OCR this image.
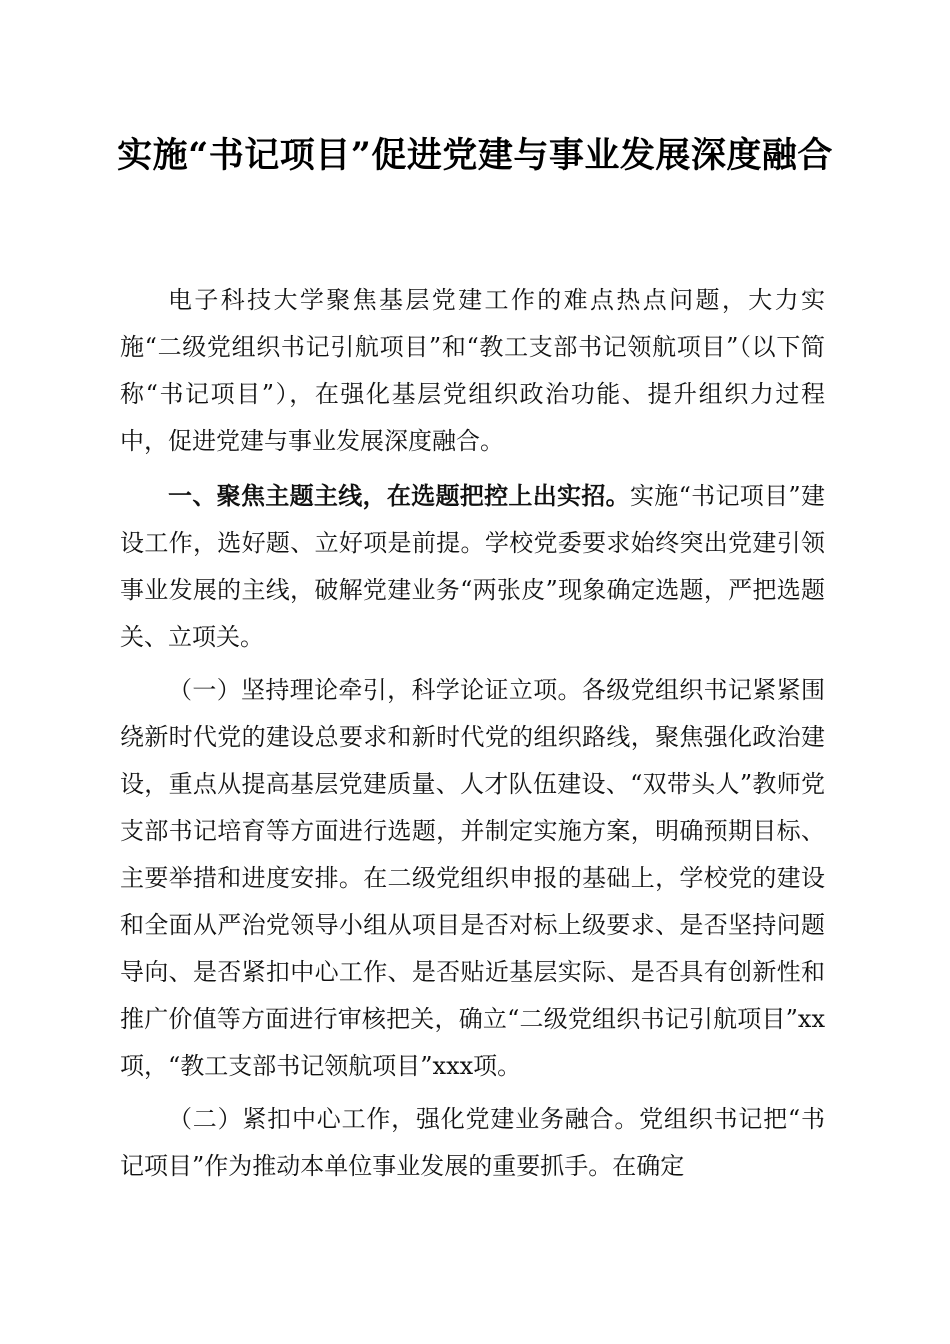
实施“书记项目”促进党建与事业发展深度融合

电子科技大学聚焦基层党建工作的难点热点问题，大力实施“二级党组织书记引航项目”和“教工支部书记领航项目”（以下简称“书记项目”），在强化基层党组织政治功能、提升组织力过程中，促进党建与事业发展深度融合。

一、聚焦主题主线，在选题把控上出实招。实施“书记项目”建设工作，选好题、立好项是前提。学校党委要求始终突出党建引领事业发展的主线，破解党建业务“两张皮”现象确定选题，严把选题关、立项关。

（一）坚持理论牵引，科学论证立项。各级党组织书记紧紧围绕新时代党的建设总要求和新时代党的组织路线，聚焦强化政治建设，重点从提高基层党建质量、人才队伍建设、“双带头人”教师党支部书记培育等方面进行选题，并制定实施方案，明确预期目标、主要举措和进度安排。在二级党组织申报的基础上，学校党的建设和全面从严治党领导小组从项目是否对标上级要求、是否坚持问题导向、是否紧扣中心工作、是否贴近基层实际、是否具有创新性和推广价值等方面进行审核把关，确立“二级党组织书记引航项目”xx项，“教工支部书记领航项目”xxx项。

（二）紧扣中心工作，强化党建业务融合。党组织书记把“书记项目”作为推动本单位事业发展的重要抓手。在确定
